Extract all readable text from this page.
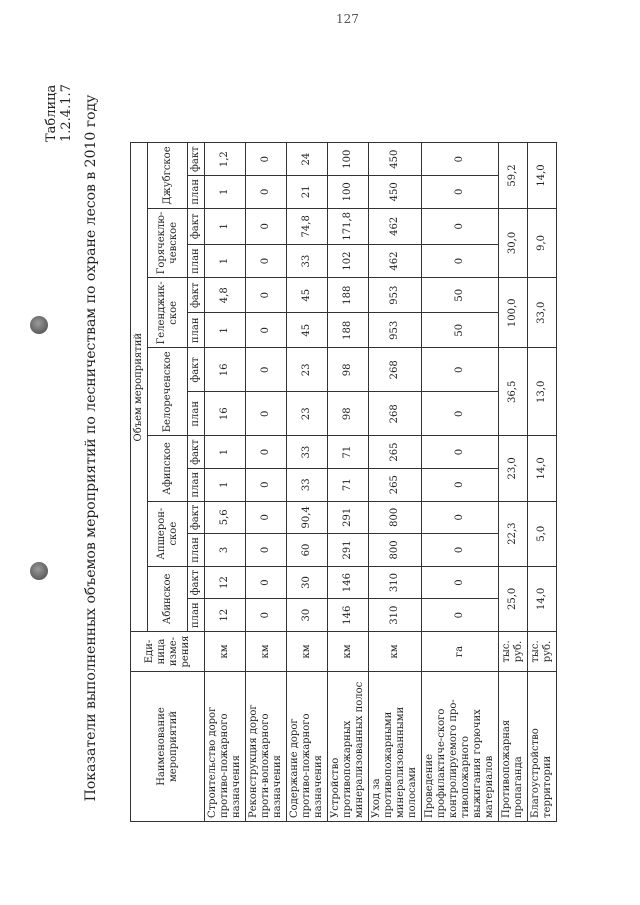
127
Таблица 1.2.4.1.7 Показатели выполненных объемов мероприятий по лесничествам по охране лесов в 2010 году	Наименование мероприятий	Еди-ница изме-рения	Объем мероприятий													
		Абинское		Апшерон-ское		Афипское		Белореченское		Геленджик-ское		Горячеклю-чевское		Джубгское	
		план	факт	план	факт	план	факт	план	факт	план	факт	план	факт	план	факт
Строительство дорог противо-пожарного назначения	км	12	12	3	5,6	1	1	16	16	1	4,8	1	1	1	1,2
Реконструкция дорог проти-вопожарного назначения	км	0	0	0	0	0	0	0	0	0	0	0	0	0	0
Содержание дорог противо-пожарного назначения	км	30	30	60	90,4	33	33	23	23	45	45	33	74,8	21	24
Устройство противопожарных минерализованных полос	км	146	146	291	291	71	71	98	98	188	188	102	171,8	100	100
Уход за противопожарными минерализованными полосами	км	310	310	800	800	265	265	268	268	953	953	462	462	450	450
Проведение профилактиче-ского контролируемого про-тивопожарного выжигания горючих материалов	га	0	0	0	0	0	0	0	0	50	50	0	0	0	0
Противопожарная пропаганда	тыс. руб.	25,0		22,3		23,0		36,5		100,0		30,0		59,2	
Благоустройство территории	тыс. руб.	14,0		5,0		14,0		13,0		33,0		9,0		14,0	
